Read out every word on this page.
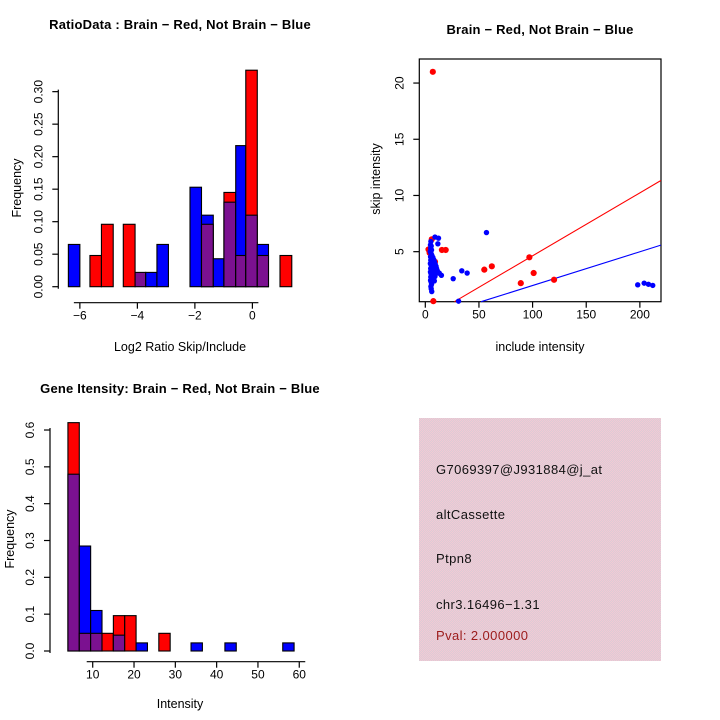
RatioData : Brain − Red, Not Brain − Blue
0.00
0.05
0.10
0.15
0.20
0.25
0.30
−6	−4	−2	0
Log2 Ratio Skip/Include
Frequency
Brain − Red, Not Brain − Blue
0	50	100	150	200
5
10
15
20
include intensity
skip intensity
Gene Itensity: Brain − Red, Not Brain − Blue
0.0
0.1
0.2
0.3
0.4
0.5
0.6
10 20 30 40 50 60
Intensity
Frequency
G7069397@J931884@j_at
altCassette
Ptpn8
chr3.16496−1.31
Pval: 2.000000
